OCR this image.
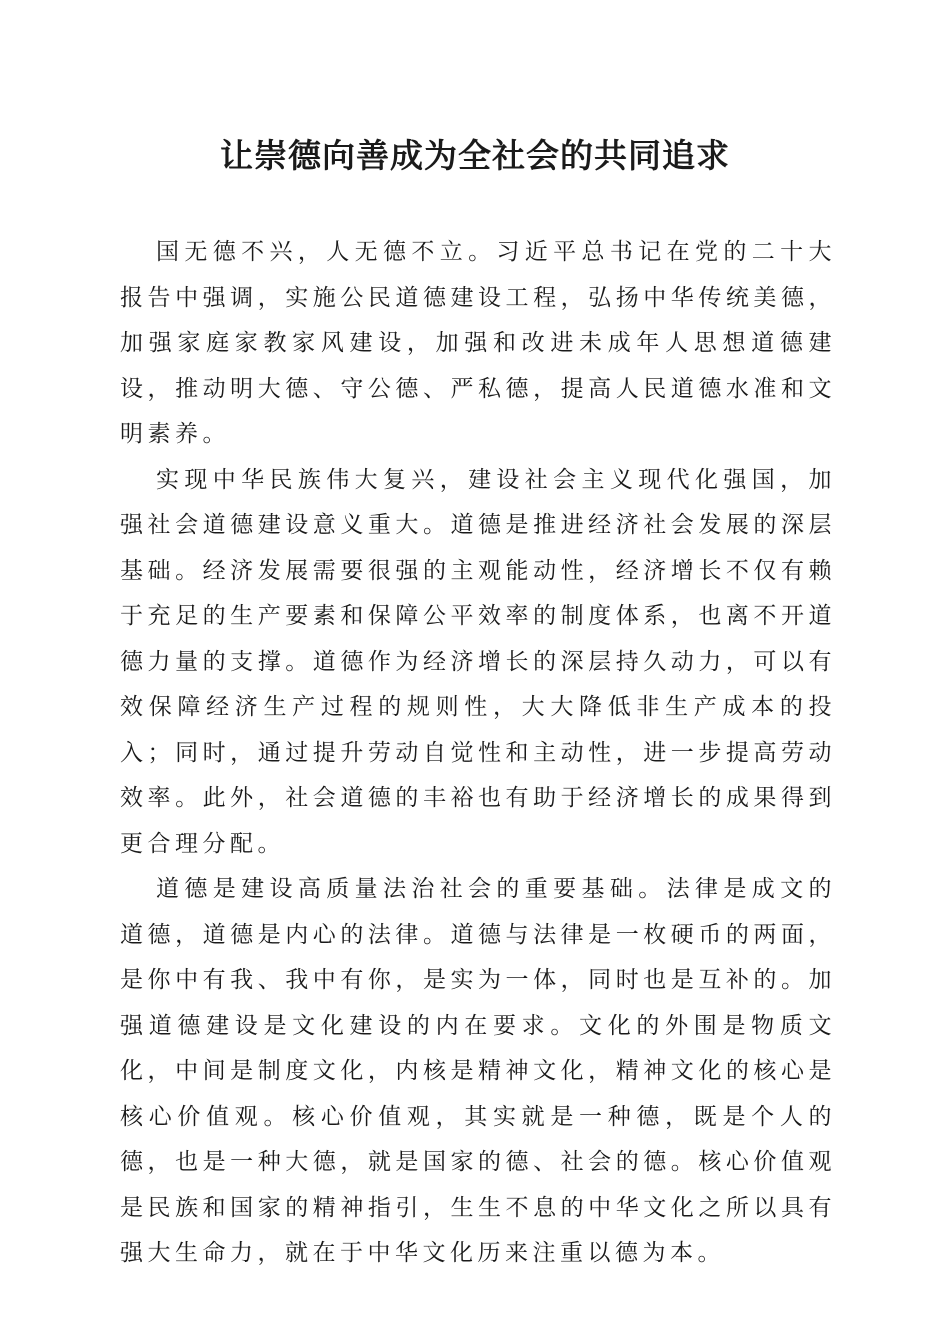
让崇德向善成为全社会的共同追求

国无德不兴，人无德不立。习近平总书记在党的二十大报告中强调，实施公民道德建设工程，弘扬中华传统美德，加强家庭家教家风建设，加强和改进未成年人思想道德建设，推动明大德、守公德、严私德，提高人民道德水准和文明素养。

实现中华民族伟大复兴，建设社会主义现代化强国，加强社会道德建设意义重大。道德是推进经济社会发展的深层基础。经济发展需要很强的主观能动性，经济增长不仅有赖于充足的生产要素和保障公平效率的制度体系，也离不开道德力量的支撑。道德作为经济增长的深层持久动力，可以有效保障经济生产过程的规则性，大大降低非生产成本的投入；同时，通过提升劳动自觉性和主动性，进一步提高劳动效率。此外，社会道德的丰裕也有助于经济增长的成果得到更合理分配。

道德是建设高质量法治社会的重要基础。法律是成文的道德，道德是内心的法律。道德与法律是一枚硬币的两面，是你中有我、我中有你，是实为一体，同时也是互补的。加强道德建设是文化建设的内在要求。文化的外围是物质文化，中间是制度文化，内核是精神文化，精神文化的核心是核心价值观。核心价值观，其实就是一种德，既是个人的德，也是一种大德，就是国家的德、社会的德。核心价值观是民族和国家的精神指引，生生不息的中华文化之所以具有强大生命力，就在于中华文化历来注重以德为本。
